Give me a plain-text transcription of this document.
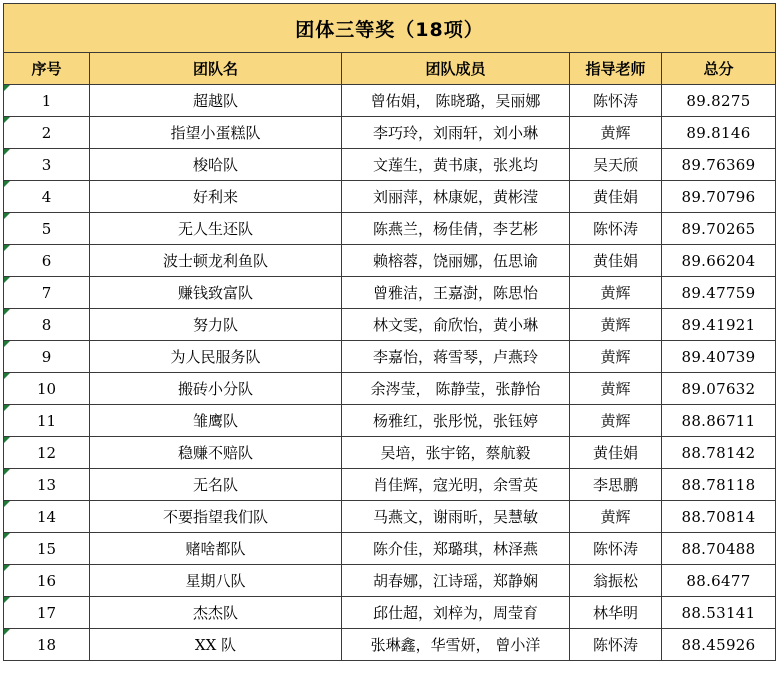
团体三等奖（18项）				
序号	团队名	团队成员	指导老师	总分

1	超越队	曾佑娟， 陈晓璐，吴丽娜	陈怀涛	89.8275

2	指望小蛋糕队	李巧玲，刘雨轩，刘小琳	黄辉	89.8146

3	梭哈队	文莲生，黄书康，张兆均	吴天颀	89.76369

4	好利来	刘丽萍，林康妮，黄彬滢	黄佳娟	89.70796

5	无人生还队	陈燕兰，杨佳倩，李艺彬	陈怀涛	89.70265

6	波士顿龙利鱼队	赖榕蓉，饶丽娜，伍思谕	黄佳娟	89.66204

7	赚钱致富队	曾雅洁，王嘉澍，陈思怡	黄辉	89.47759

8	努力队	林文雯，俞欣怡，黄小琳	黄辉	89.41921

9	为人民服务队	李嘉怡，蒋雪琴，卢燕玲	黄辉	89.40739

10	搬砖小分队	余涔莹， 陈静莹，张静怡	黄辉	89.07632

11	雏鹰队	杨雅红，张彤悦，张钰婷	黄辉	88.86711

12	稳赚不赔队	吴培，张宇铭，蔡航毅	黄佳娟	88.78142

13	无名队	肖佳辉，寇光明，余雪英	李思鹏	88.78118

14	不要指望我们队	马燕文，谢雨昕，吴慧敏	黄辉	88.70814

15	赌啥都队	陈介佳，郑璐琪，林泽燕	陈怀涛	88.70488

16	星期八队	胡春娜，江诗瑶，郑静娴	翁振松	88.6477

17	杰杰队	邱仕超，刘梓为，周莹育	林华明	88.53141

18	XX 队	张琳鑫，华雪妍， 曾小洋	陈怀涛	88.45926
